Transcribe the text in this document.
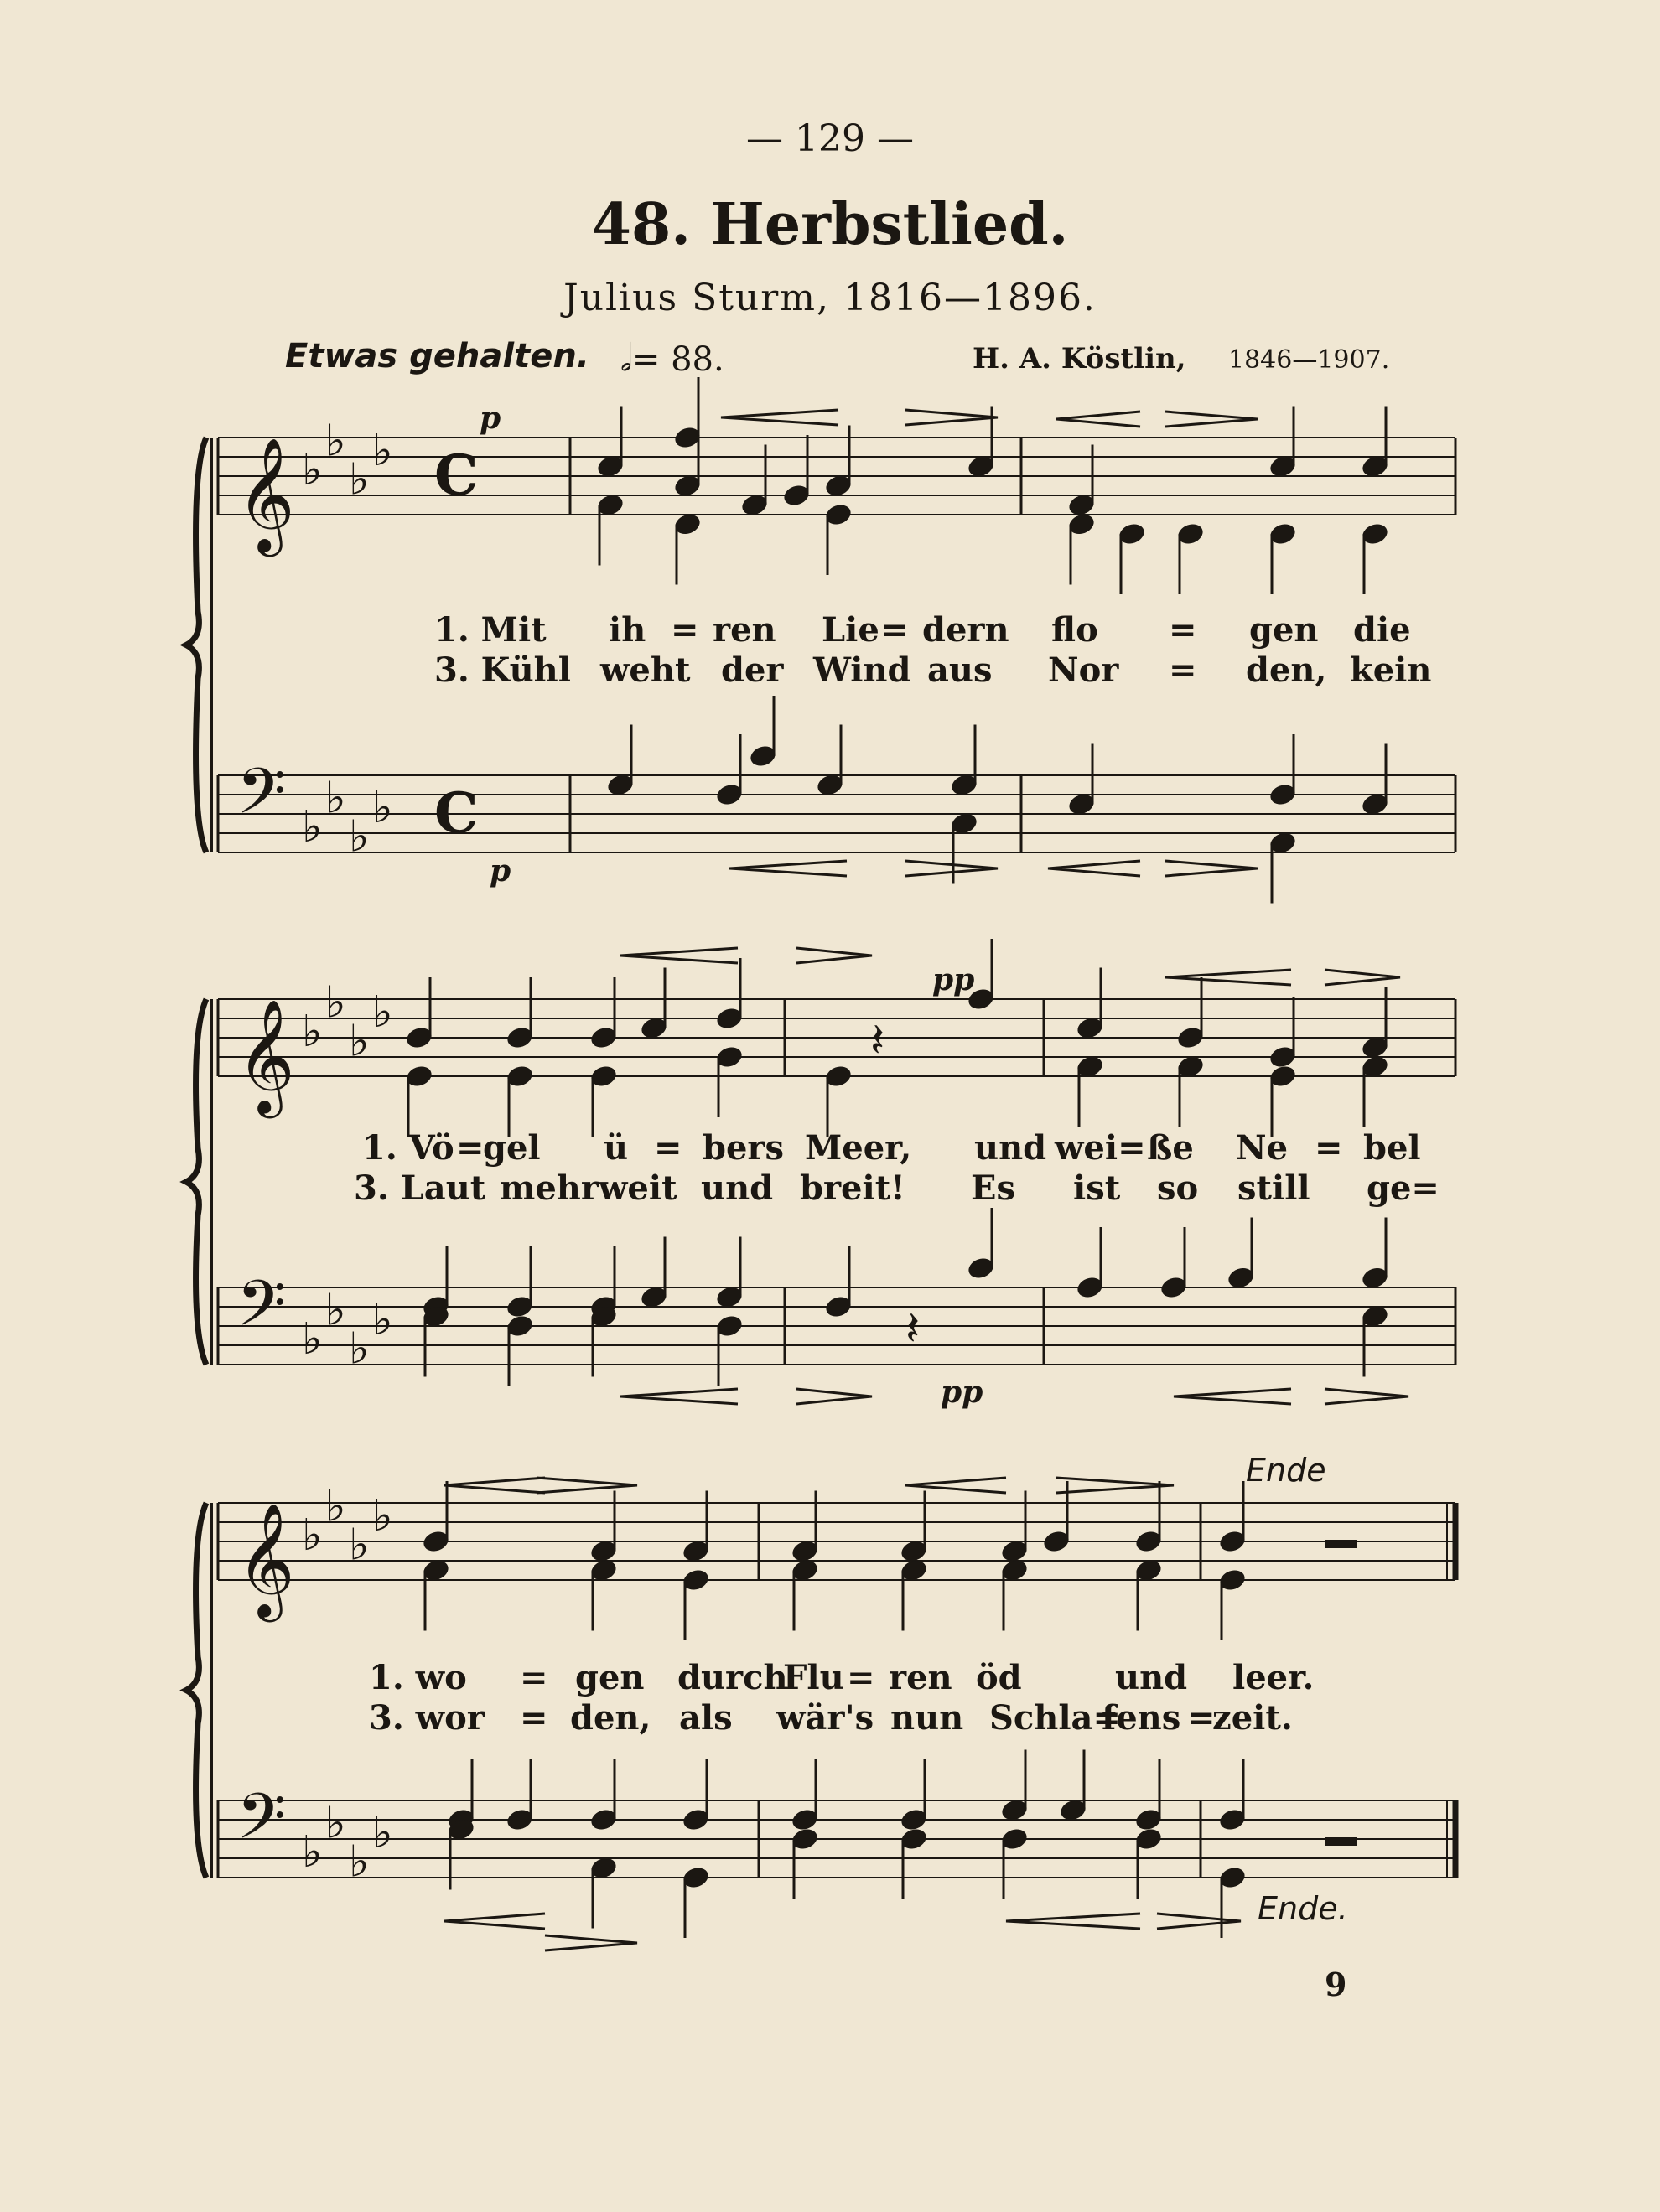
— 129 —
48. Herbstlied.
Julius Sturm, 1816—1896.
Etwas gehalten. 𝅗𝅥= 88.	H. A. Köstlin, 1846—1907.
𝄞 ♭
♭
♭
♭ C
𝄢 ♭
♭
♭
♭ C
𝄞 ♭
♭
♭
♭
𝄢 ♭
♭
♭
♭
𝄞 ♭
♭
♭
♭
𝄢 ♭
♭
♭
♭
𝄽
𝄽
p
p
pp
pp
Ende
Ende.
1. Mit ih = ren Lie = dern flo = gen die
3. Kühl weht der Wind aus Nor = den, kein
1. Vö =
gel ü = bers Meer, und wei= ße Ne = bel
3. Laut mehr weit und breit! Es ist so still ge=
1. wo = gen durch
Flu = ren öd	und leer.
3. wor = den, als wär's nun Schla=
fens =
zeit.
9
